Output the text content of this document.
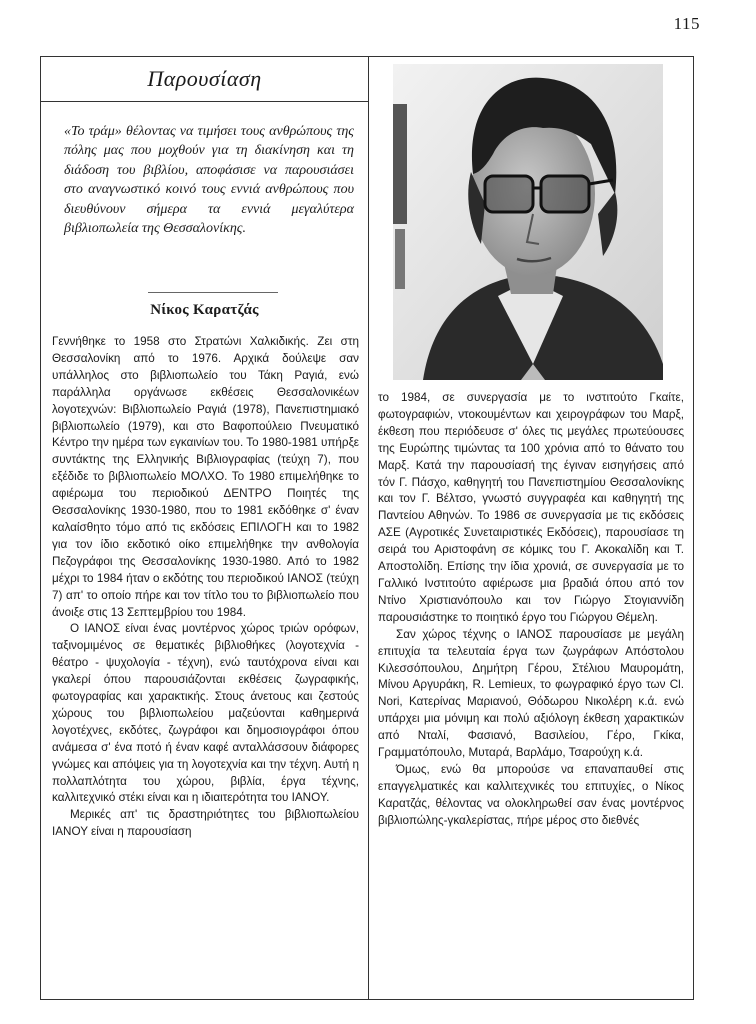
115
Παρουσίαση

«Το τράμ» θέλοντας να τιμήσει τους ανθρώπους της πόλης μας που μοχθούν για τη διακίνηση και τη διάδοση του βιβλίου, αποφάσισε να παρουσιάσει στο αναγνωστικό κοινό τους εννιά ανθρώπους που διευθύνουν σήμερα τα εννιά μεγαλύτερα βιβλιοπωλεία της Θεσσαλονίκης.

Νίκος Καρατζάς

Γεννήθηκε το 1958 στο Στρατώνι Χαλκιδικής. Ζει στη Θεσσαλονίκη από το 1976. Αρχικά δούλεψε σαν υπάλληλος στο βιβλιοπωλείο του Τάκη Ραγιά, ενώ παράλληλα οργάνωσε εκθέσεις Θεσσαλονικέων λογοτεχνών: Βιβλιοπωλείο Ραγιά (1978), Πανεπιστημιακό βιβλιοπωλείο (1979), και στο Βαφοπούλειο Πνευματικό Κέντρο την ημέρα των εγκαινίων του. Το 1980-1981 υπήρξε συντάκτης της Ελληνικής Βιβλιογραφίας (τεύχη 7), που εξέδιδε το βιβλιοπωλείο ΜΟΛΧΟ. Το 1980 επιμελήθηκε το αφιέρωμα του περιοδικού ΔΕΝΤΡΟ Ποιητές της Θεσσαλονίκης 1930-1980, που το 1981 εκδόθηκε σ' έναν καλαίσθητο τόμο από τις εκδόσεις ΕΠΙΛΟΓΗ και το 1982 για τον ίδιο εκδοτικό οίκο επιμελήθηκε την ανθολογία Πεζογράφοι της Θεσσαλονίκης 1930-1980. Από το 1982 μέχρι το 1984 ήταν ο εκδότης του περιοδικού ΙΑΝΟΣ (τεύχη 7) απ' το οποίο πήρε και τον τίτλο του το βιβλιοπωλείο που άνοιξε στις 13 Σεπτεμβρίου του 1984.

Ο ΙΑΝΟΣ είναι ένας μοντέρνος χώρος τριών ορόφων, ταξινομιμένος σε θεματικές βιβλιοθήκες (λογοτεχνία - θέατρο - ψυχολογία - τέχνη), ενώ ταυτόχρονα είναι και γκαλερί όπου παρουσιάζονται εκθέσεις ζωγραφικής, φωτογραφίας και χαρακτικής. Στους άνετους και ζεστούς χώρους του βιβλιοπωλείου μαζεύονται καθημερινά λογοτέχνες, εκδότες, ζωγράφοι και δημοσιογράφοι όπου ανάμεσα σ' ένα ποτό ή έναν καφέ ανταλλάσσουν διάφορες γνώμες και απόψεις για τη λογοτεχνία και την τέχνη. Αυτή η πολλαπλότητα του χώρου, βιβλία, έργα τέχνης, καλλιτεχνικό στέκι είναι και η ιδιαιτερότητα του ΙΑΝΟΥ.

Μερικές απ' τις δραστηριότητες του βιβλιοπωλείου ΙΑΝΟΥ είναι η παρουσίαση

το 1984, σε συνεργασία με το ινστιτούτο Γκαίτε, φωτογραφιών, ντοκουμέντων και χειρογράφων του Μαρξ, έκθεση που περιόδευσε σ' όλες τις μεγάλες πρωτεύουσες της Ευρώπης τιμώντας τα 100 χρόνια από το θάνατο του Μαρξ. Κατά την παρουσίασή της έγιναν εισηγήσεις από τόν Γ. Πάσχο, καθηγητή του Πανεπιστημίου Θεσσαλονίκης και τον Γ. Βέλτσο, γνωστό συγγραφέα και καθηγητή της Παντείου Αθηνών. Το 1986 σε συνεργασία με τις εκδόσεις ΑΣΕ (Αγροτικές Συνεταιριστικές Εκδόσεις), παρουσίασε τη σειρά του Αριστοφάνη σε κόμικς του Γ. Ακοκαλίδη και Τ. Αποστολίδη. Επίσης την ίδια χρονιά, σε συνεργασία με το Γαλλικό Ινστιτούτο αφιέρωσε μια βραδιά όπου από τον Ντίνο Χριστιανόπουλο και τον Γιώργο Στογιαννίδη παρουσιάστηκε το ποιητικό έργο του Γιώργου Θέμελη.

Σαν χώρος τέχνης ο ΙΑΝΟΣ παρουσίασε με μεγάλη επιτυχία τα τελευταία έργα των ζωγράφων Απόστολου Κιλεσσόπουλου, Δημήτρη Γέρου, Στέλιου Μαυρομάτη, Μίνου Αργυράκη, R. Lemieux, το φωγραφικό έργο των Cl. Nori, Κατερίνας Μαριανού, Θόδωρου Νικολέρη κ.ά. ενώ υπάρχει μια μόνιμη και πολύ αξιόλογη έκθεση χαρακτικών από Νταλί, Φασιανό, Βασιλείου, Γέρο, Γκίκα, Γραμματόπουλο, Μυταρά, Βαρλάμο, Τσαρούχη κ.ά.

Όμως, ενώ θα μπορούσε να επαναπαυθεί στις επαγγελματικές και καλλιτεχνικές του επιτυχίες, ο Νίκος Καρατζάς, θέλοντας να ολοκληρωθεί σαν ένας μοντέρνος βιβλιοπώλης-γκαλερίστας, πήρε μέρος στο διεθνές
